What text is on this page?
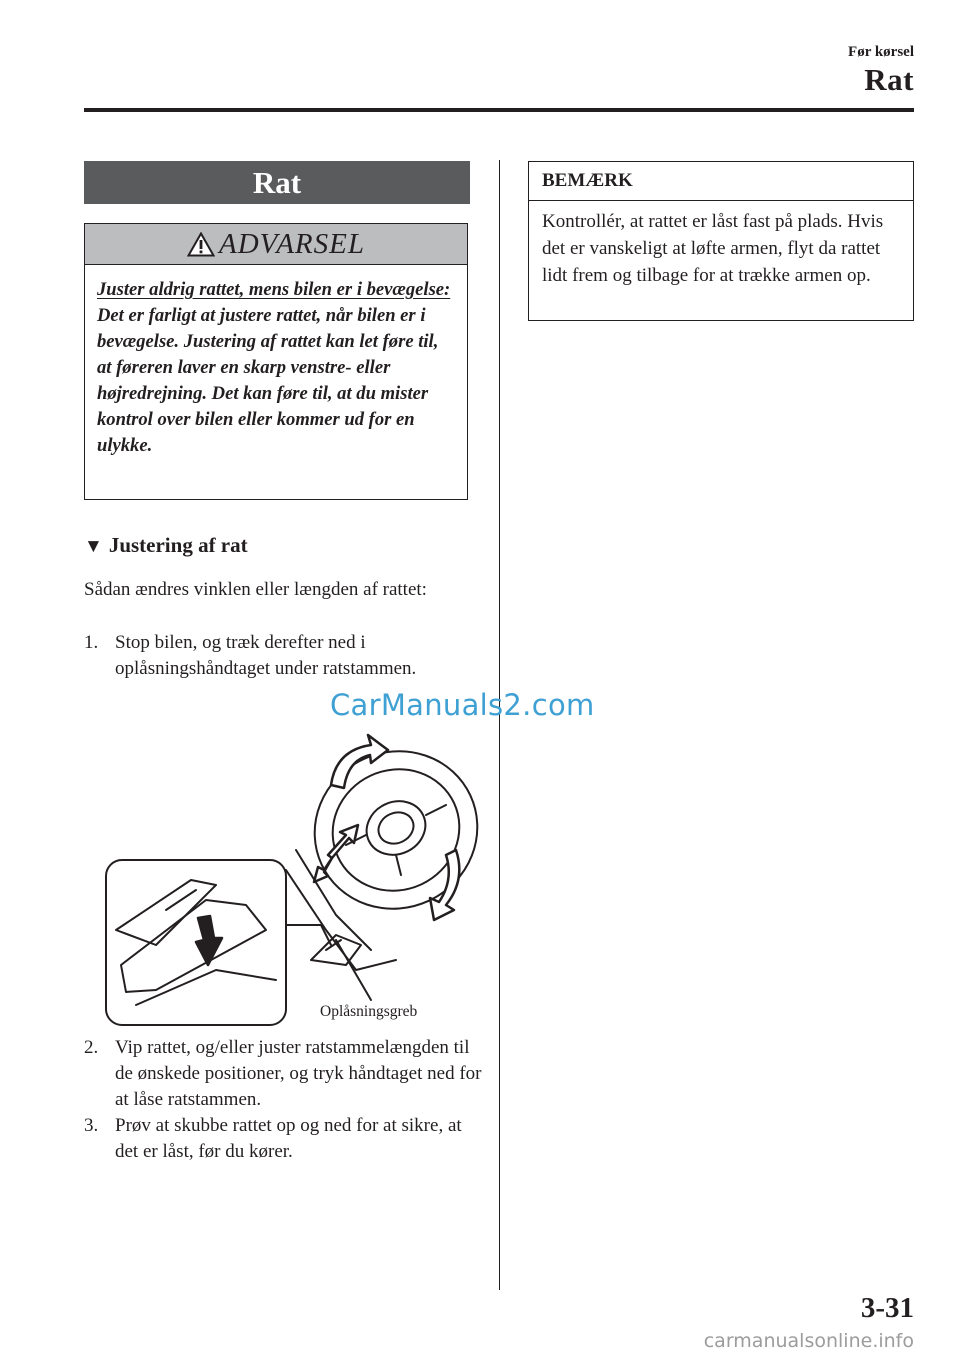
Før kørsel
Rat
Rat
ADVARSEL
Juster aldrig rattet, mens bilen er i bevægelse:
Det er farligt at justere rattet, når bilen er i bevægelse. Justering af rattet kan let føre til, at føreren laver en skarp venstre- eller højredrejning. Det kan føre til, at du mister kontrol over bilen eller kommer ud for en ulykke.
▼ Justering af rat
Sådan ændres vinklen eller længden af rattet:
1. Stop bilen, og træk derefter ned i oplåsningshåndtaget under ratstammen.
CarManuals2.com
Oplåsningsgreb
2. Vip rattet, og/eller juster ratstammelængden til de ønskede positioner, og tryk håndtaget ned for at låse ratstammen.
3. Prøv at skubbe rattet op og ned for at sikre, at det er låst, før du kører.
BEMÆRK
Kontrollér, at rattet er låst fast på plads. Hvis det er vanskeligt at løfte armen, flyt da rattet lidt frem og tilbage for at trække armen op.
3-31
carmanualsonline.info
